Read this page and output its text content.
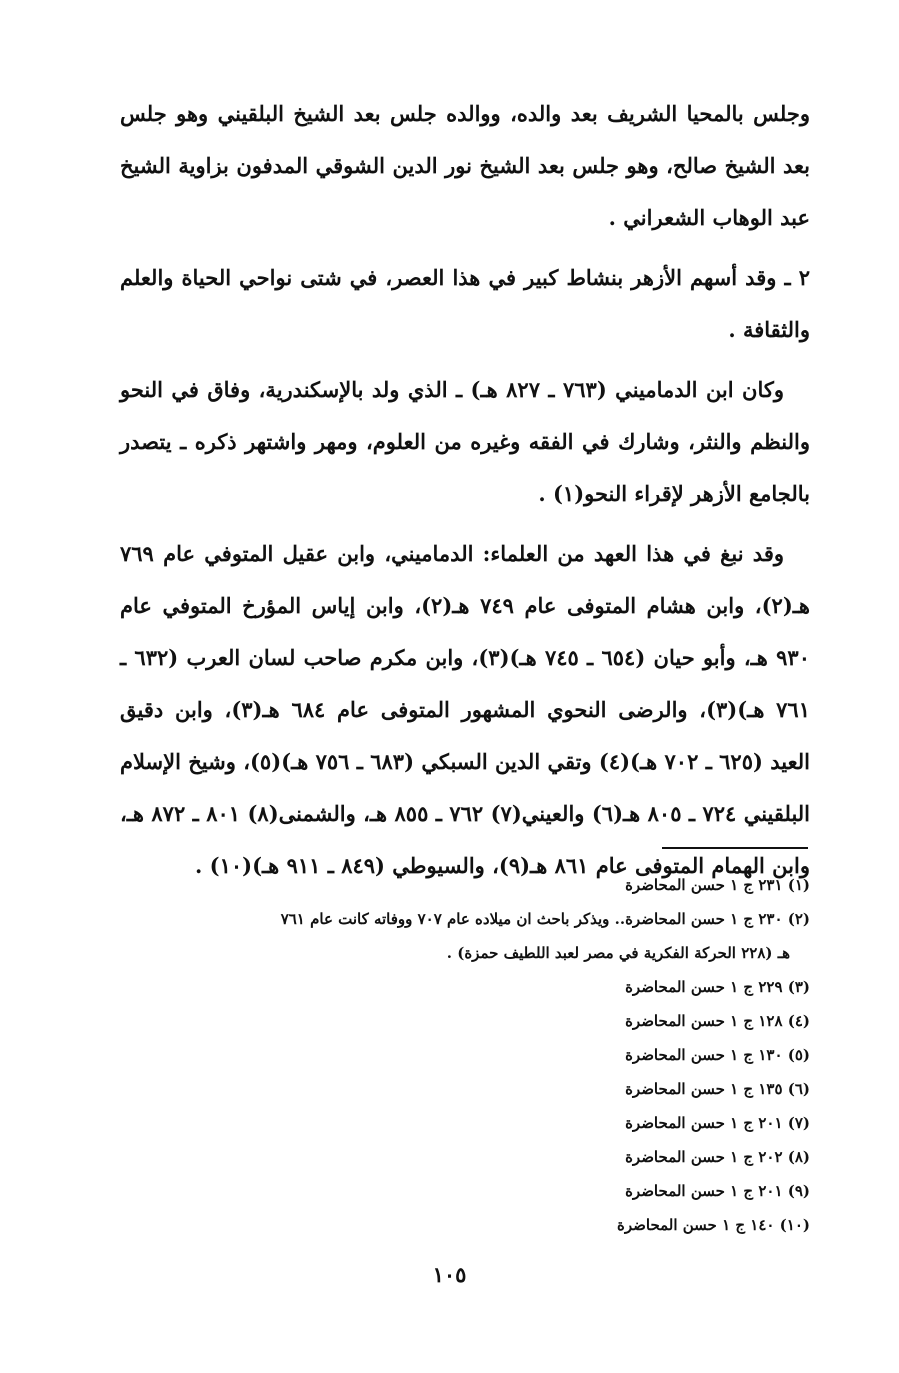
وجلس بالمحيا الشريف بعد والده، ووالده جلس بعد الشيخ البلقيني وهو جلس بعد الشيخ صالح، وهو جلس بعد الشيخ نور الدين الشوقي المدفون بزاوية الشيخ عبد الوهاب الشعراني .

٢ ـ وقد أسهم الأزهر بنشاط كبير في هذا العصر، في شتى نواحي الحياة والعلم والثقافة .

وكان ابن الدماميني (٧٦٣ ـ ٨٢٧ هـ) ـ الذي ولد بالإسكندرية، وفاق في النحو والنظم والنثر، وشارك في الفقه وغيره من العلوم، ومهر واشتهر ذكره ـ يتصدر بالجامع الأزهر لإقراء النحو(١) .

وقد نبغ في هذا العهد من العلماء: الدماميني، وابن عقيل المتوفي عام ٧٦٩ هـ(٢)، وابن هشام المتوفى عام ٧٤٩ هـ(٢)، وابن إياس المؤرخ المتوفي عام ٩٣٠ هـ، وأبو حيان (٦٥٤ ـ ٧٤٥ هـ)(٣)، وابن مكرم صاحب لسان العرب (٦٣٢ ـ ٧٦١ هـ)(٣)، والرضى النحوي المشهور المتوفى عام ٦٨٤ هـ(٣)، وابن دقيق العيد (٦٢٥ ـ ٧٠٢ هـ)(٤) وتقي الدين السبكي (٦٨٣ ـ ٧٥٦ هـ)(٥)، وشيخ الإسلام البلقيني ٧٢٤ ـ ٨٠٥ هـ(٦) والعيني(٧) ٧٦٢ ـ ٨٥٥ هـ، والشمنى(٨) ٨٠١ ـ ٨٧٢ هـ، وابن الهمام المتوفى عام ٨٦١ هـ(٩)، والسيوطي (٨٤٩ ـ ٩١١ هـ)(١٠) .

(١) ٢٣١ ج ١ حسن المحاضرة

(٢) ٢٣٠ ج ١ حسن المحاضرة.. ويذكر باحث ان ميلاده عام ٧٠٧ ووفاته كانت عام ٧٦١

هـ (٢٢٨ الحركة الفكرية في مصر لعبد اللطيف حمزة) .

(٣) ٢٢٩ ج ١ حسن المحاضرة

(٤) ١٢٨ ج ١ حسن المحاضرة

(٥) ١٣٠ ج ١ حسن المحاضرة

(٦) ١٣٥ ج ١ حسن المحاضرة

(٧) ٢٠١ ج ١ حسن المحاضرة

(٨) ٢٠٢ ج ١ حسن المحاضرة

(٩) ٢٠١ ج ١ حسن المحاضرة

(١٠) ١٤٠ ج ١ حسن المحاضرة

١٠٥
